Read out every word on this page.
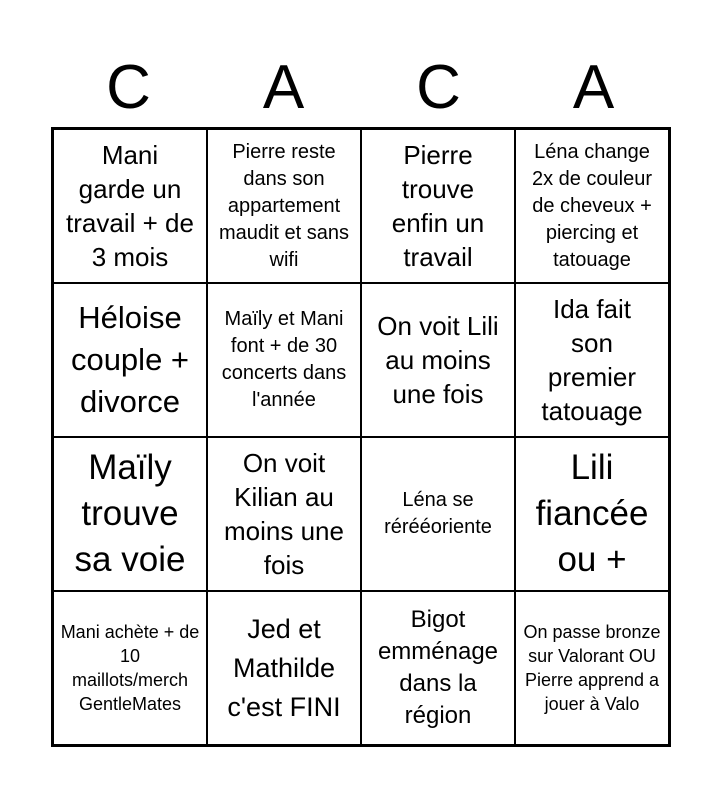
C	A	C	A
Mani garde un travail + de 3 mois
Pierre reste dans son appartement maudit et sans wifi
Pierre trouve enfin un travail
Léna change 2x de couleur de cheveux + piercing et tatouage
Héloise couple + divorce
Maïly et Mani font + de 30 concerts dans l'année
On voit Lili au moins une fois
Ida fait son premier tatouage
Maïly trouve sa voie
On voit Kilian au moins une fois
Léna se rérééoriente
Lili fiancée ou +
Mani achète + de 10 maillots/merch GentleMates
Jed et Mathilde c'est FINI
Bigot emménage dans la région
On passe bronze sur Valorant OU Pierre apprend a jouer à Valo
